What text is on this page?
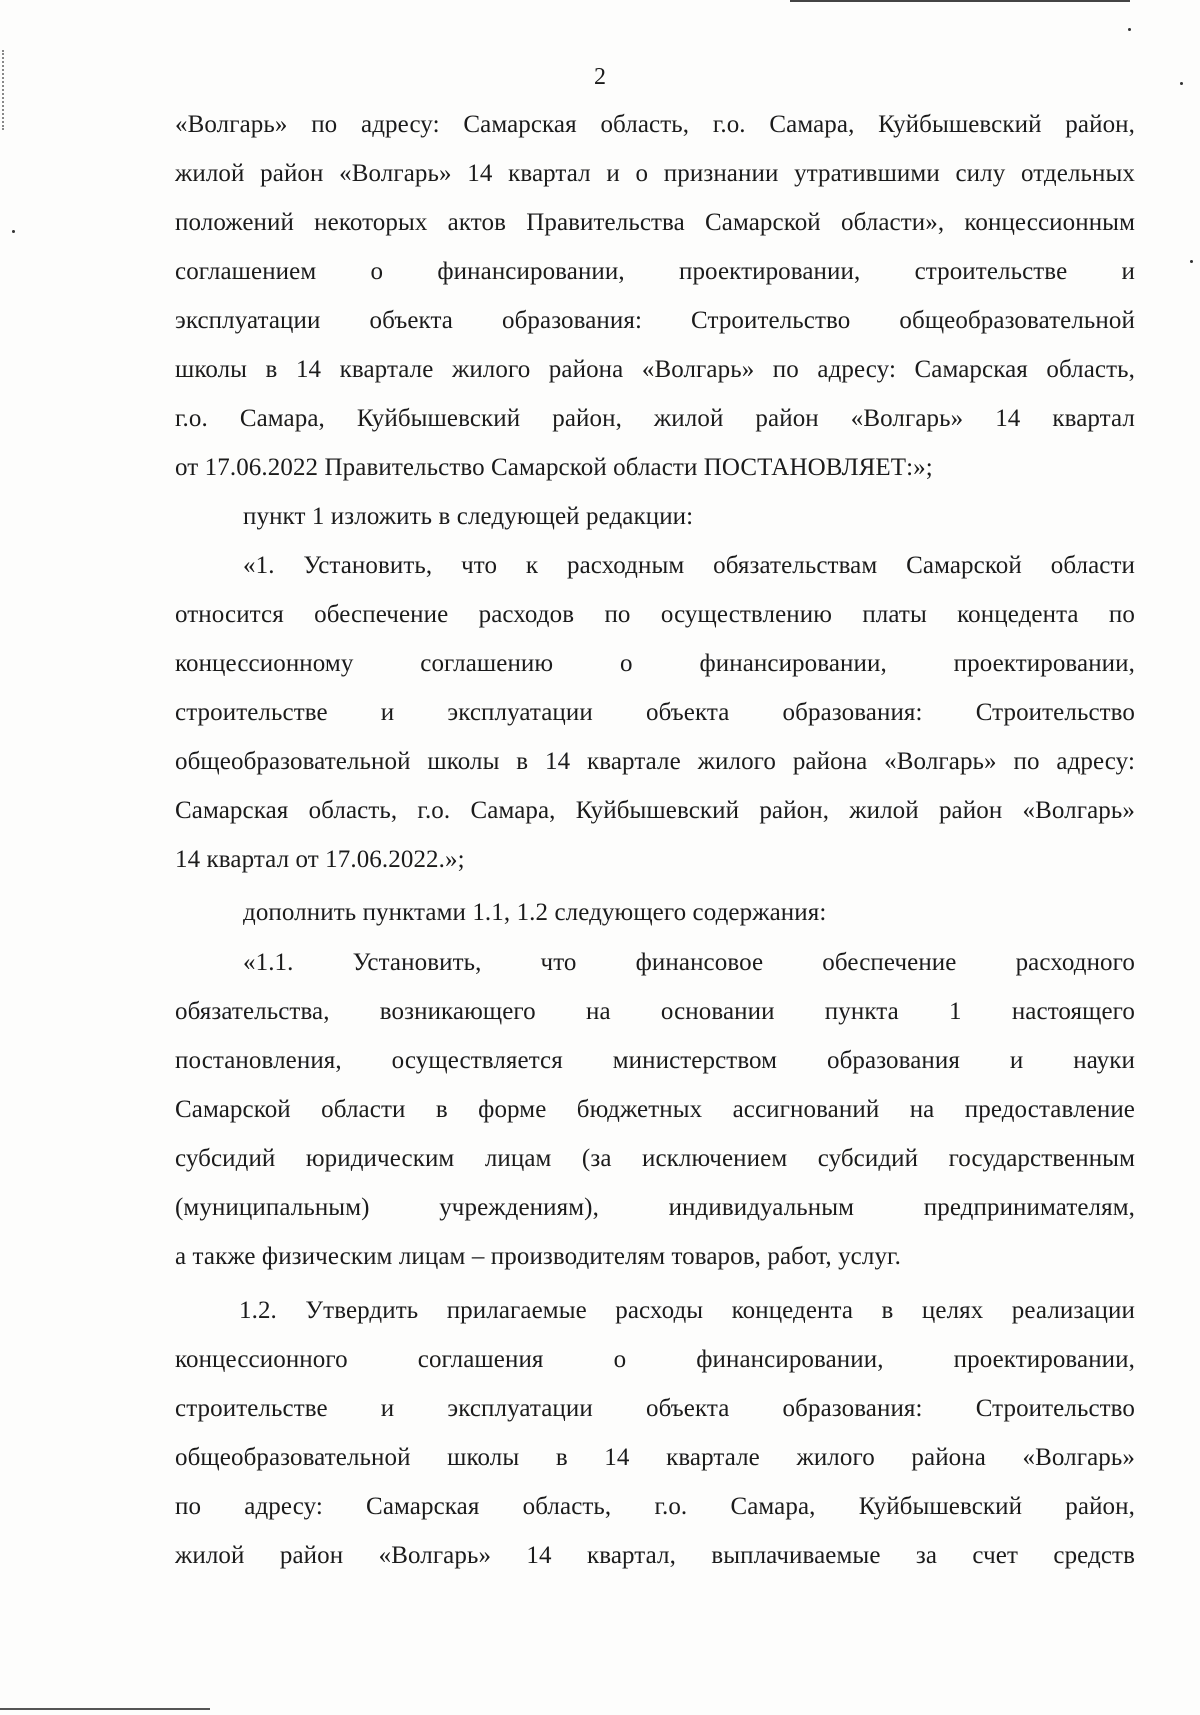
2
«Волгарь» по адресу: Самарская область, г.о. Самара, Куйбышевский район,
жилой район «Волгарь» 14 квартал и о признании утратившими силу отдельных
положений некоторых актов Правительства Самарской области», концессионным
соглашением о финансировании, проектировании, строительстве и
эксплуатации объекта образования: Строительство общеобразовательной
школы в 14 квартале жилого района «Волгарь» по адресу: Самарская область,
г.о. Самара, Куйбышевский район, жилой район «Волгарь» 14 квартал
от 17.06.2022 Правительство Самарской области ПОСТАНОВЛЯЕТ:»;
пункт 1 изложить в следующей редакции:
«1. Установить, что к расходным обязательствам Самарской области
относится обеспечение расходов по осуществлению платы концедента по
концессионному соглашению о финансировании, проектировании,
строительстве и эксплуатации объекта образования: Строительство
общеобразовательной школы в 14 квартале жилого района «Волгарь» по адресу:
Самарская область, г.о. Самара, Куйбышевский район, жилой район «Волгарь»
14 квартал от 17.06.2022.»;
дополнить пунктами 1.1, 1.2 следующего содержания:
«1.1. Установить, что финансовое обеспечение расходного
обязательства, возникающего на основании пункта 1 настоящего
постановления, осуществляется министерством образования и науки
Самарской области в форме бюджетных ассигнований на предоставление
субсидий юридическим лицам (за исключением субсидий государственным
(муниципальным) учреждениям), индивидуальным предпринимателям,
а также физическим лицам – производителям товаров, работ, услуг.
1.2. Утвердить прилагаемые расходы концедента в целях реализации
концессионного соглашения о финансировании, проектировании,
строительстве и эксплуатации объекта образования: Строительство
общеобразовательной школы в 14 квартале жилого района «Волгарь»
по адресу: Самарская область, г.о. Самара, Куйбышевский район,
жилой район «Волгарь» 14 квартал, выплачиваемые за счет средств
